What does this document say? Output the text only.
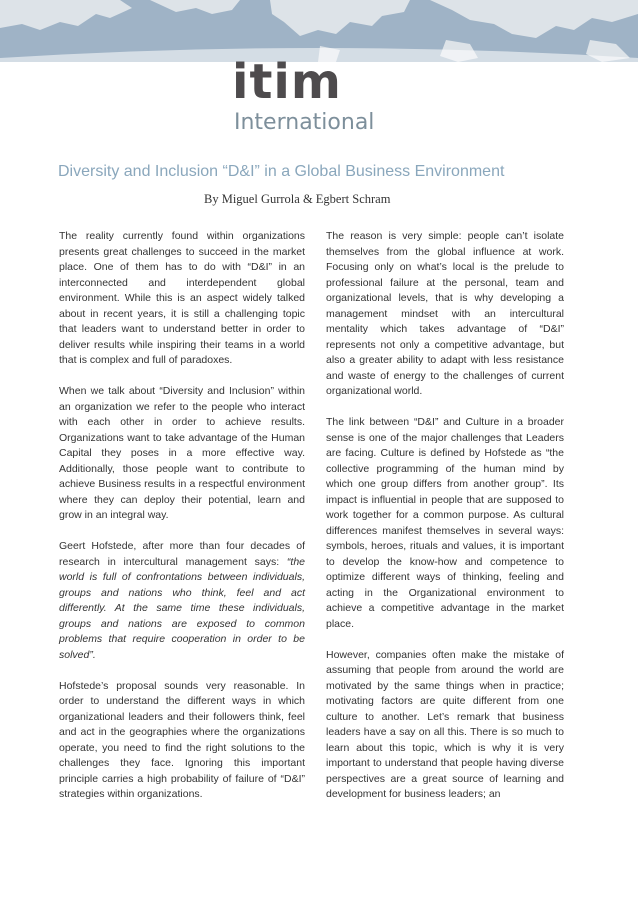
itim
International
Diversity and Inclusion “D&I” in a Global Business Environment
By Miguel Gurrola & Egbert Schram

The reality currently found within organizations presents great challenges to succeed in the market place. One of them has to do with “D&I” in an interconnected and interdependent global environment. While this is an aspect widely talked about in recent years, it is still a challenging topic that leaders want to understand better in order to deliver results while inspiring their teams in a world that is complex and full of paradoxes.

When we talk about “Diversity and Inclusion” within an organization we refer to the people who interact with each other in order to achieve results. Organizations want to take advantage of the Human Capital they poses in a more effective way. Additionally, those people want to contribute to achieve Business results in a respectful environment where they can deploy their potential, learn and grow in an integral way.

Geert Hofstede, after more than four decades of research in intercultural management says: “the world is full of confrontations between individuals, groups and nations who think, feel and act differently. At the same time these individuals, groups and nations are exposed to common problems that require cooperation in order to be solved”.

Hofstede’s proposal sounds very reasonable. In order to understand the different ways in which organizational leaders and their followers think, feel and act in the geographies where the organizations operate, you need to find the right solutions to the challenges they face. Ignoring this important principle carries a high probability of failure of “D&I” strategies within organizations.

The reason is very simple: people can’t isolate themselves from the global influence at work. Focusing only on what’s local is the prelude to professional failure at the personal, team and organizational levels, that is why developing a management mindset with an intercultural mentality which takes advantage of “D&I” represents not only a competitive advantage, but also a greater ability to adapt with less resistance and waste of energy to the challenges of current organizational world.

The link between “D&I” and Culture in a broader sense is one of the major challenges that Leaders are facing. Culture is defined by Hofstede as “the collective programming of the human mind by which one group differs from another group”. Its impact is influential in people that are supposed to work together for a common purpose. As cultural differences manifest themselves in several ways: symbols, heroes, rituals and values, it is important to develop the know-how and competence to optimize different ways of thinking, feeling and acting in the Organizational environment to achieve a competitive advantage in the market place.

However, companies often make the mistake of assuming that people from around the world are motivated by the same things when in practice; motivating factors are quite different from one culture to another. Let’s remark that business leaders have a say on all this. There is so much to learn about this topic, which is why it is very important to understand that people having diverse perspectives are a great source of learning and development for business leaders; an
